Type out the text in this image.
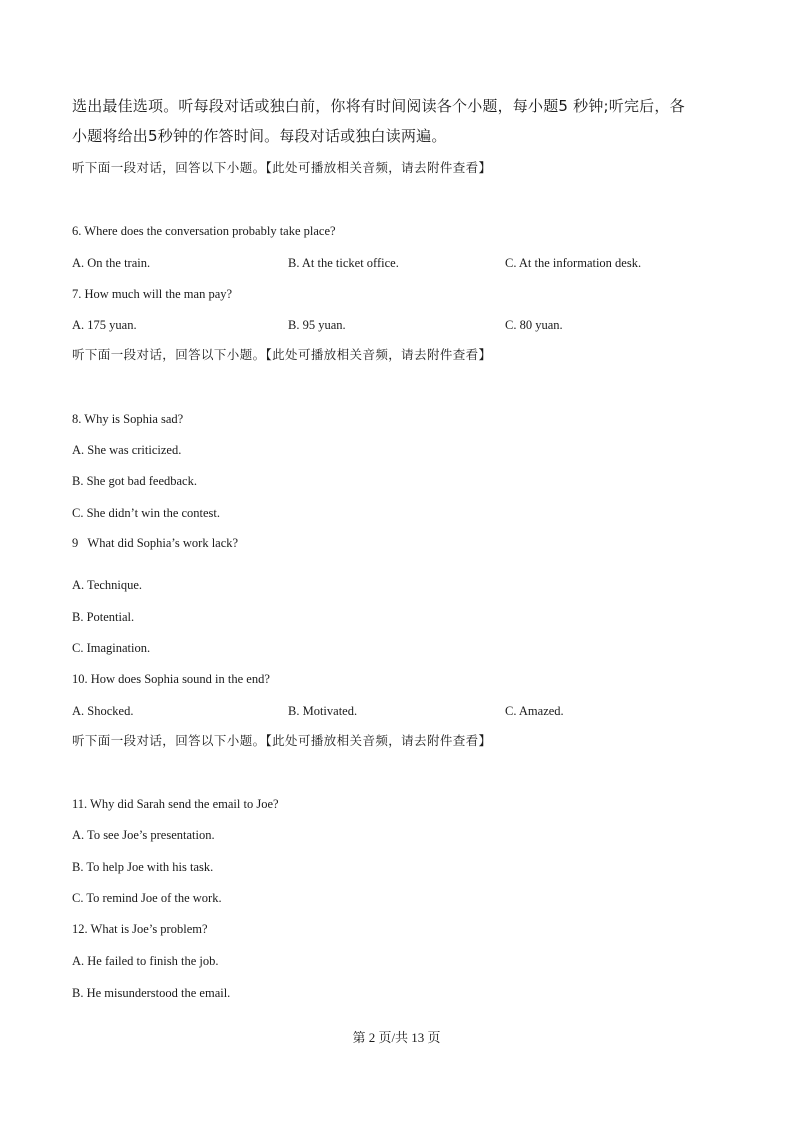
选出最佳选项。听每段对话或独白前，你将有时间阅读各个小题，每小题5 秒钟;听完后，各
小题将给出5秒钟的作答时间。每段对话或独白读两遍。
听下面一段对话，回答以下小题。【此处可播放相关音频，请去附件查看】
6. Where does the conversation probably take place?
A. On the train.	B. At the ticket office.	C. At the information desk.
7. How much will the man pay?
A. 175 yuan.	B. 95 yuan.	C. 80 yuan.
听下面一段对话，回答以下小题。【此处可播放相关音频，请去附件查看】
8. Why is Sophia sad?
A. She was criticized.
B. She got bad feedback.
C. She didn’t win the contest.
9   What did Sophia’s work lack?
A. Technique.
B. Potential.
C. Imagination.
10. How does Sophia sound in the end?
A. Shocked.	B. Motivated.	C. Amazed.
听下面一段对话，回答以下小题。【此处可播放相关音频，请去附件查看】
11. Why did Sarah send the email to Joe?
A. To see Joe’s presentation.
B. To help Joe with his task.
C. To remind Joe of the work.
12. What is Joe’s problem?
A. He failed to finish the job.
B. He misunderstood the email.
第 2 页/共 13 页
